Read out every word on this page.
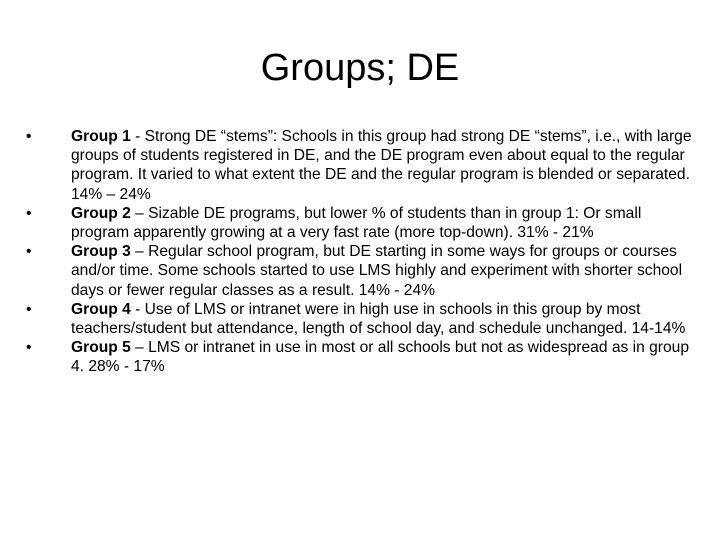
Groups; DE
•	Group 1 - Strong DE “stems”: Schools in this group had strong DE “stems”, i.e., with large groups of students registered in DE, and the DE program even about equal to the regular program. It varied to what extent the DE and the regular program is blended or separated. 14% – 24%
•	Group 2 – Sizable DE programs, but lower % of students than in group 1: Or small program apparently growing at a very fast rate (more top-down). 31% - 21%
•	Group 3 – Regular school program, but DE starting in some ways for groups or courses and/or time. Some schools started to use LMS highly and experiment with shorter school days or fewer regular classes as a result. 14% - 24%
•	Group 4 - Use of LMS or intranet were in high use in schools in this group by most teachers/student but attendance, length of school day, and schedule unchanged. 14-14%
•	Group 5 – LMS or intranet in use in most or all schools but not as widespread as in group 4. 28% - 17%
